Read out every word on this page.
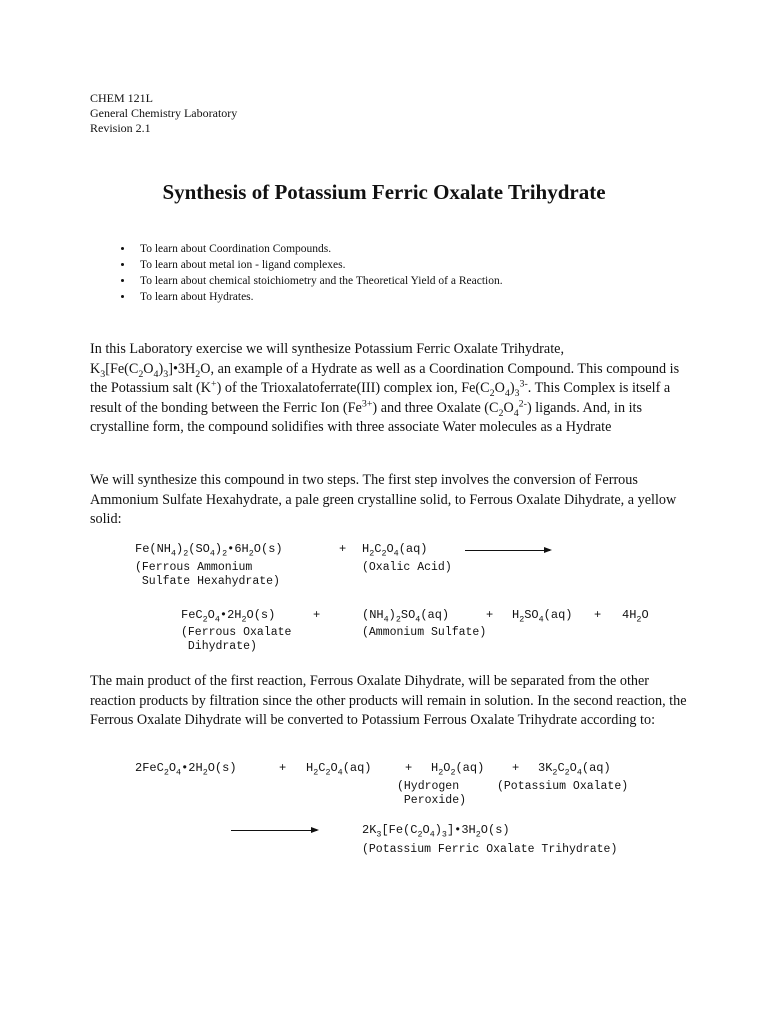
CHEM 121L
General Chemistry Laboratory
Revision 2.1
Synthesis of Potassium Ferric Oxalate Trihydrate
• To learn about Coordination Compounds.
• To learn about metal ion - ligand complexes.
• To learn about chemical stoichiometry and the Theoretical Yield of a Reaction.
• To learn about Hydrates.
In this Laboratory exercise we will synthesize Potassium Ferric Oxalate Trihydrate,
$K_3[Fe(C_2O_4)_3]•3H_2O$, an example of a Hydrate as well as a Coordination Compound. This compound is the Potassium salt (K+) of the Trioxalatoferrate(III) complex ion, $Fe(C_2O_4)_3^{3-}$. This Complex is itself a result of the bonding between the Ferric Ion $(Fe^{3+})$ and three Oxalate $(C_2O_4^{2-})$ ligands. And, in its crystalline form, the compound solidifies with three associate Water molecules as a Hydrate
We will synthesize this compound in two steps. The first step involves the conversion of Ferrous Ammonium Sulfate Hexahydrate, a pale green crystalline solid, to Ferrous Oxalate Dihydrate, a yellow solid:
$Fe(NH_4)_2(SO_4)_2•6H_2O(s)$	+ $H_2C_2O_4(aq)$
(Ferrous Ammonium
Sulfate Hexahydrate)
(Oxalic Acid)
$FeC_2O_4•2H_2O(s)$	+	$(NH_4)_2SO_4(aq)$	+ $H_2SO_4(aq) + 4H_2O$
(Ferrous Oxalate
Dihydrate)
(Ammonium Sulfate)
The main product of the first reaction, Ferrous Oxalate Dihydrate, will be separated from the other reaction products by filtration since the other products will remain in solution. In the second reaction, the Ferrous Oxalate Dihydrate will be converted to Potassium Ferrous Oxalate Trihydrate according to:
$2FeC_2O_4•2H_2O(s)$	+ $H_2C_2O_4(aq)$	+ $H_2O_2(aq) + 3K_2C_2O_4(aq)$
(Hydrogen
Peroxide)
(Potassium Oxalate)
$2K_3[Fe(C_2O_4)_3]•3H_2O(s)$
(Potassium Ferric Oxalate Trihydrate)
